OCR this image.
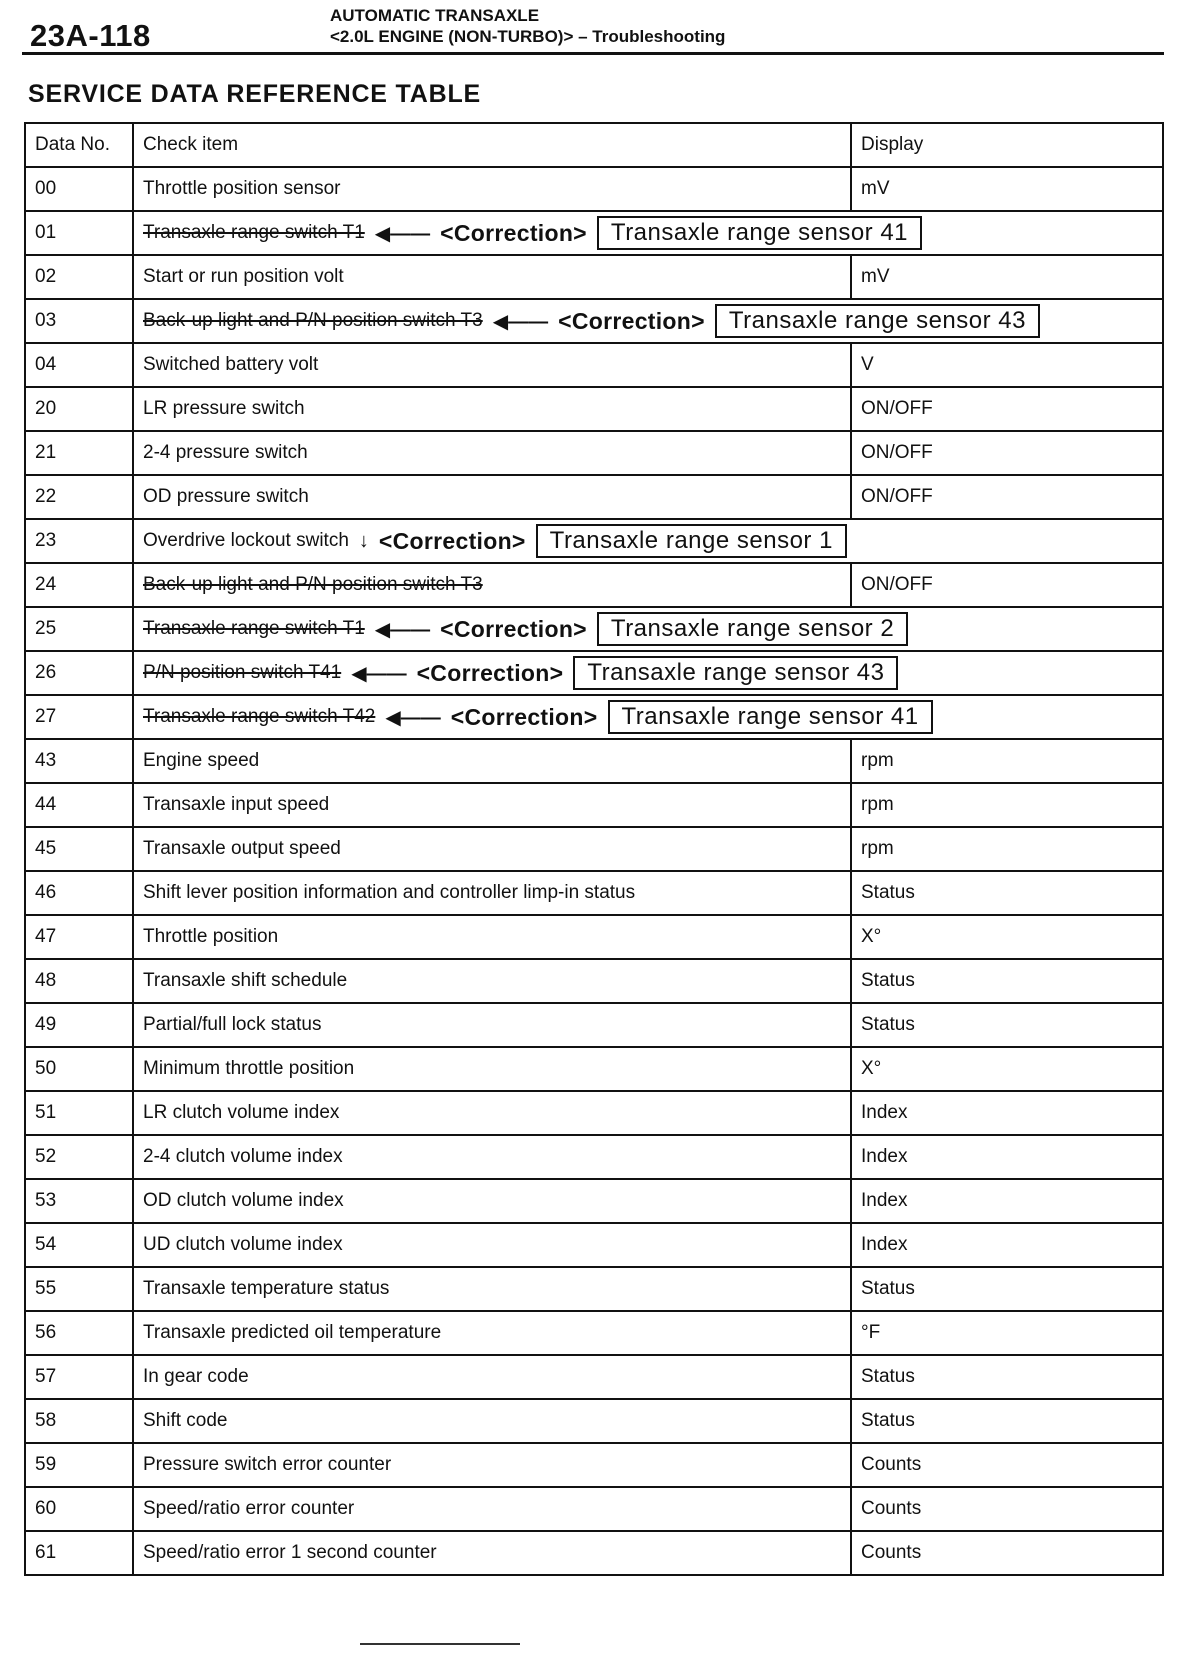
23A-118
AUTOMATIC TRANSAXLE
<2.0L ENGINE (NON-TURBO)> – Troubleshooting
SERVICE DATA REFERENCE TABLE
Data No.	Check item	Display
00	Throttle position sensor	mV
01	Transaxle range switch T1 ◀—— <Correction> Transaxle range sensor 41	

02	Start or run position volt	mV
03	Back-up light and P/N position switch T3 ◀—— <Correction> Transaxle range sensor 43	

04	Switched battery volt	V
20	LR pressure switch	ON/OFF
21	2-4 pressure switch	ON/OFF
22	OD pressure switch	ON/OFF
23	Overdrive lockout switch ↓ <Correction> Transaxle range sensor 1	

24	Back-up light and P/N position switch T3	ON/OFF
25	Transaxle range switch T1 ◀—— <Correction> Transaxle range sensor 2	

26	P/N position switch T41 ◀—— <Correction> Transaxle range sensor 43	

27	Transaxle range switch T42 ◀—— <Correction> Transaxle range sensor 41	

43	Engine speed	rpm
44	Transaxle input speed	rpm
45	Transaxle output speed	rpm
46	Shift lever position information and controller limp-in status	Status
47	Throttle position	X°
48	Transaxle shift schedule	Status
49	Partial/full lock status	Status
50	Minimum throttle position	X°
51	LR clutch volume index	Index
52	2-4 clutch volume index	Index
53	OD clutch volume index	Index
54	UD clutch volume index	Index
55	Transaxle temperature status	Status
56	Transaxle predicted oil temperature	°F
57	In gear code	Status
58	Shift code	Status
59	Pressure switch error counter	Counts
60	Speed/ratio error counter	Counts
61	Speed/ratio error 1 second counter	Counts
